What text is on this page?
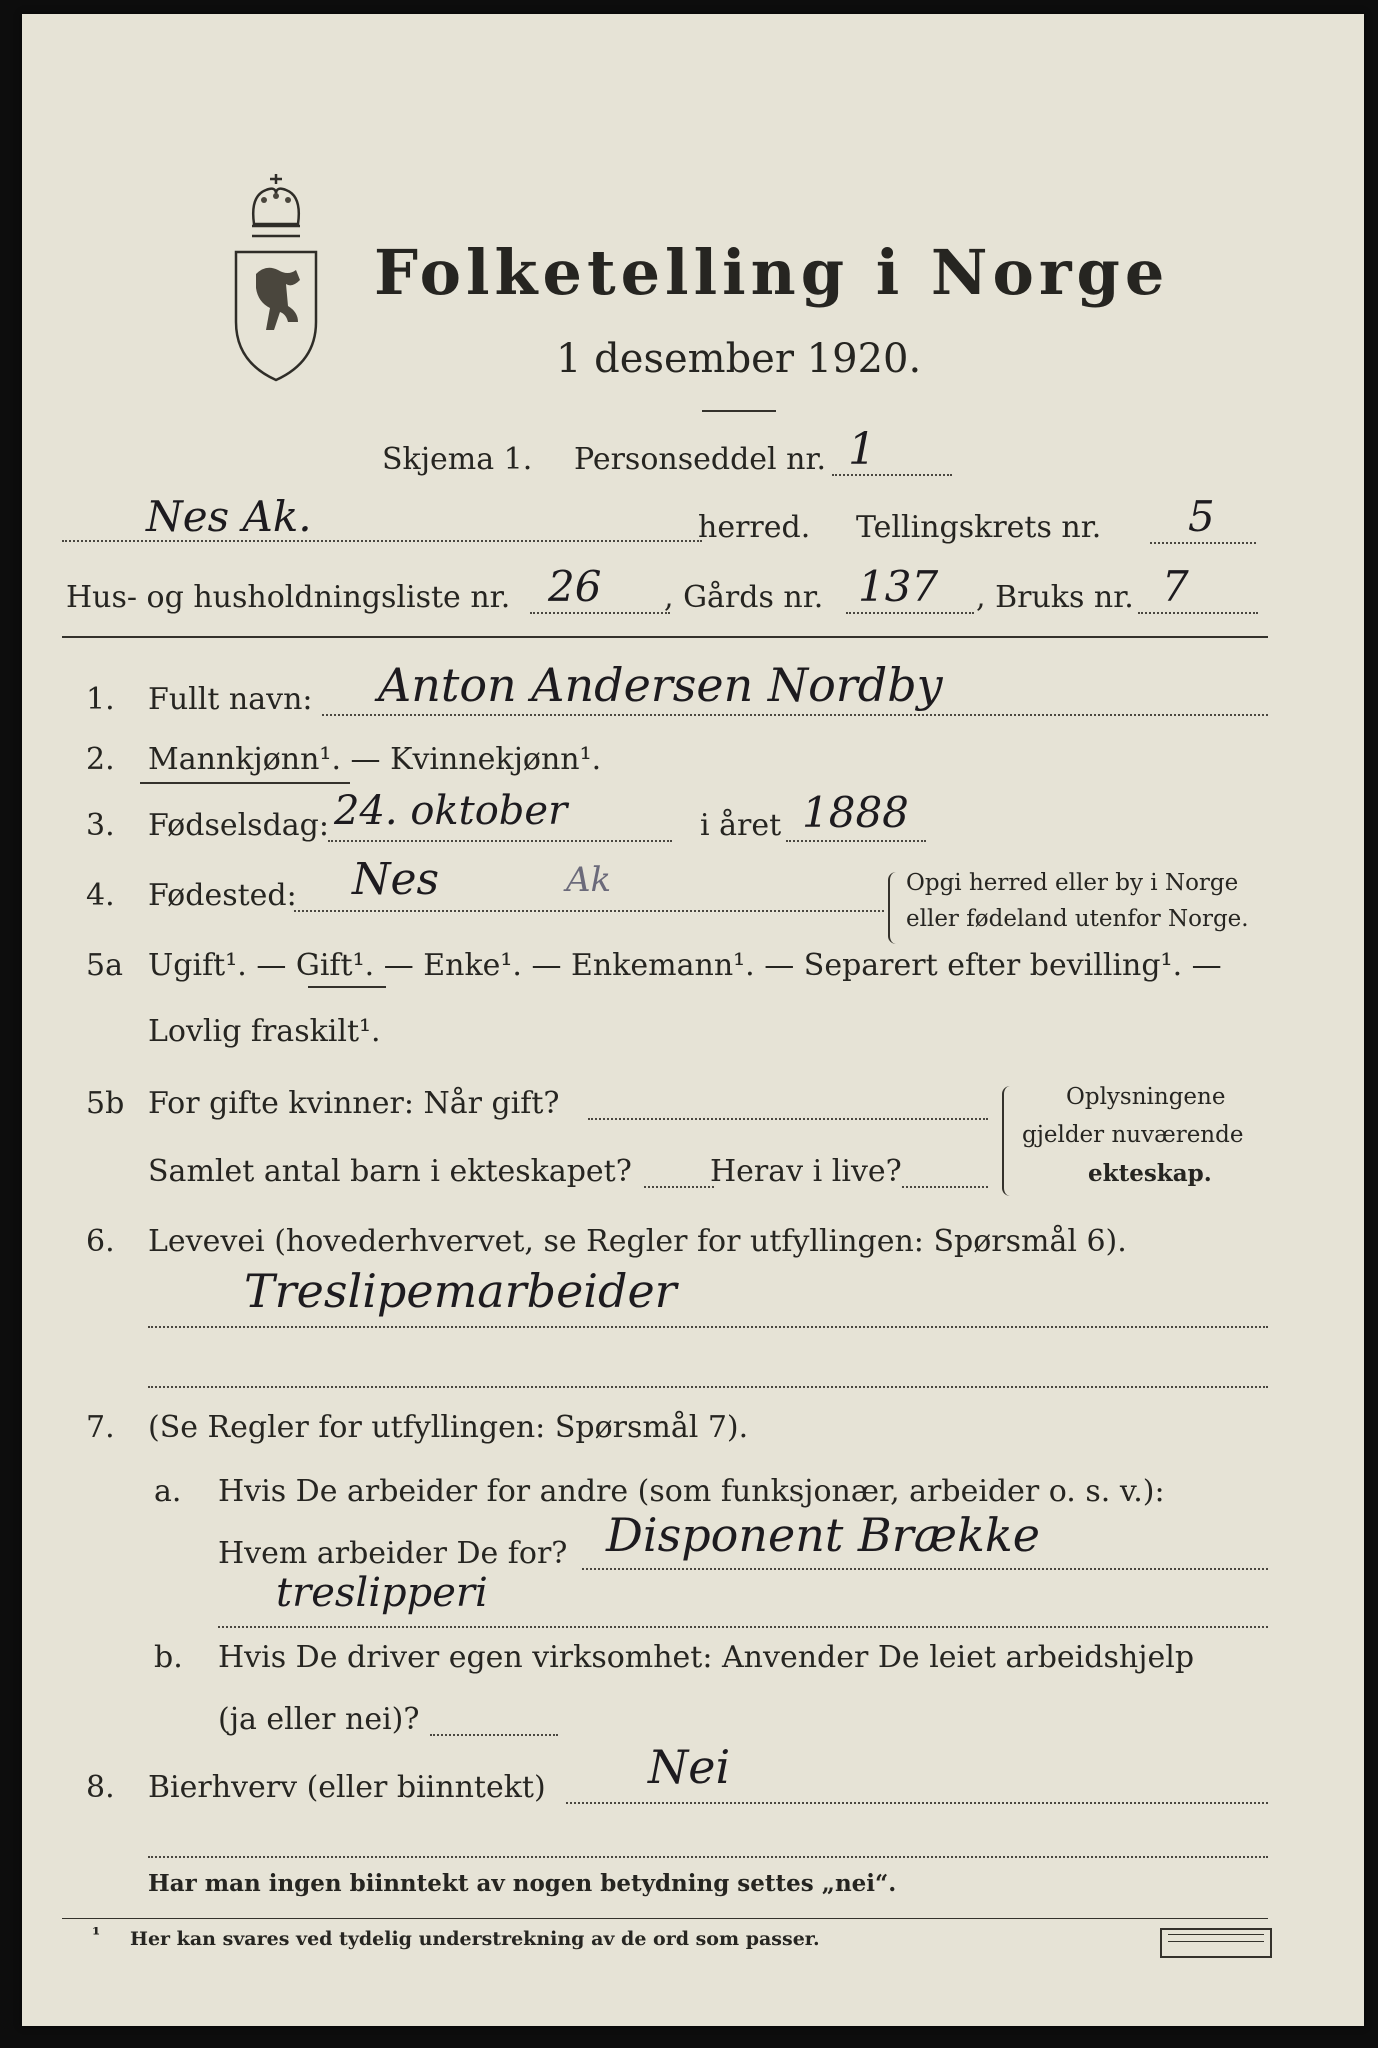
Folketelling i Norge
1 desember 1920.
Skjema 1. Personseddel nr. 1
Nes Ak.	herred. Tellingskrets nr. 5
Hus- og husholdningsliste nr. 26 , Gårds nr. 137 , Bruks nr. 7
1. Fullt navn: Anton Andersen Nordby
2. Mannkjønn¹. — Kvinnekjønn¹.
3. Fødselsdag: 24. oktober	i året 1888
4. Fødested: Nes	Ak	Opgi herred eller by i Norge
eller fødeland utenfor Norge.
5a Ugift¹. — Gift¹. — Enke¹. — Enkemann¹. — Separert efter bevilling¹. —
Lovlig fraskilt¹.
5b For gifte kvinner: Når gift?
Samlet antal barn i ekteskapet?	Herav i live?
Oplysningene
gjelder nuværende
ekteskap.
6. Levevei (hovederhvervet, se Regler for utfyllingen: Spørsmål 6).
Treslipemarbeider
7. (Se Regler for utfyllingen: Spørsmål 7).
a. Hvis De arbeider for andre (som funksjonær, arbeider o. s. v.):
Hvem arbeider De for? Disponent Brække
treslipperi
b. Hvis De driver egen virksomhet: Anvender De leiet arbeidshjelp
(ja eller nei)?
8. Bierhverv (eller biinntekt) Nei
Har man ingen biinntekt av nogen betydning settes „nei“.
¹ Her kan svares ved tydelig understrekning av de ord som passer.
